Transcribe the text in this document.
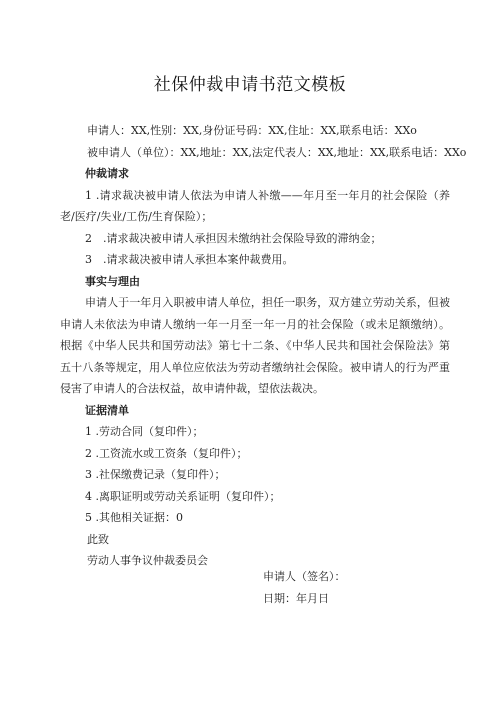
社保仲裁申请书范文模板
申请人：XX,性别：XX,身份证号码：XX,住址：XX,联系电话：XXo
被申请人（单位）：XX,地址：XX,法定代表人：XX,地址：XX,联系电话：XXo
仲裁请求
1 .请求裁决被申请人依法为申请人补缴——年月至一年月的社会保险（养老/医疗/失业/工伤/生育保险）；
2　.请求裁决被申请人承担因未缴纳社会保险导致的滞纳金；
3　.请求裁决被申请人承担本案仲裁费用。
事实与理由
申请人于一年月入职被申请人单位，担任一职务，双方建立劳动关系，但被申请人未依法为申请人缴纳一年一月至一年一月的社会保险（或未足额缴纳）。根据《中华人民共和国劳动法》第七十二条、《中华人民共和国社会保险法》第五十八条等规定，用人单位应依法为劳动者缴纳社会保险。被申请人的行为严重侵害了申请人的合法权益，故申请仲裁，望依法裁决。
证据清单
1 .劳动合同（复印件）；
2 .工资流水或工资条（复印件）；
3 .社保缴费记录（复印件）；
4 .离职证明或劳动关系证明（复印件）；
5 .其他相关证据：0
此致
劳动人事争议仲裁委员会
申请人（签名）：
日期：年月日
